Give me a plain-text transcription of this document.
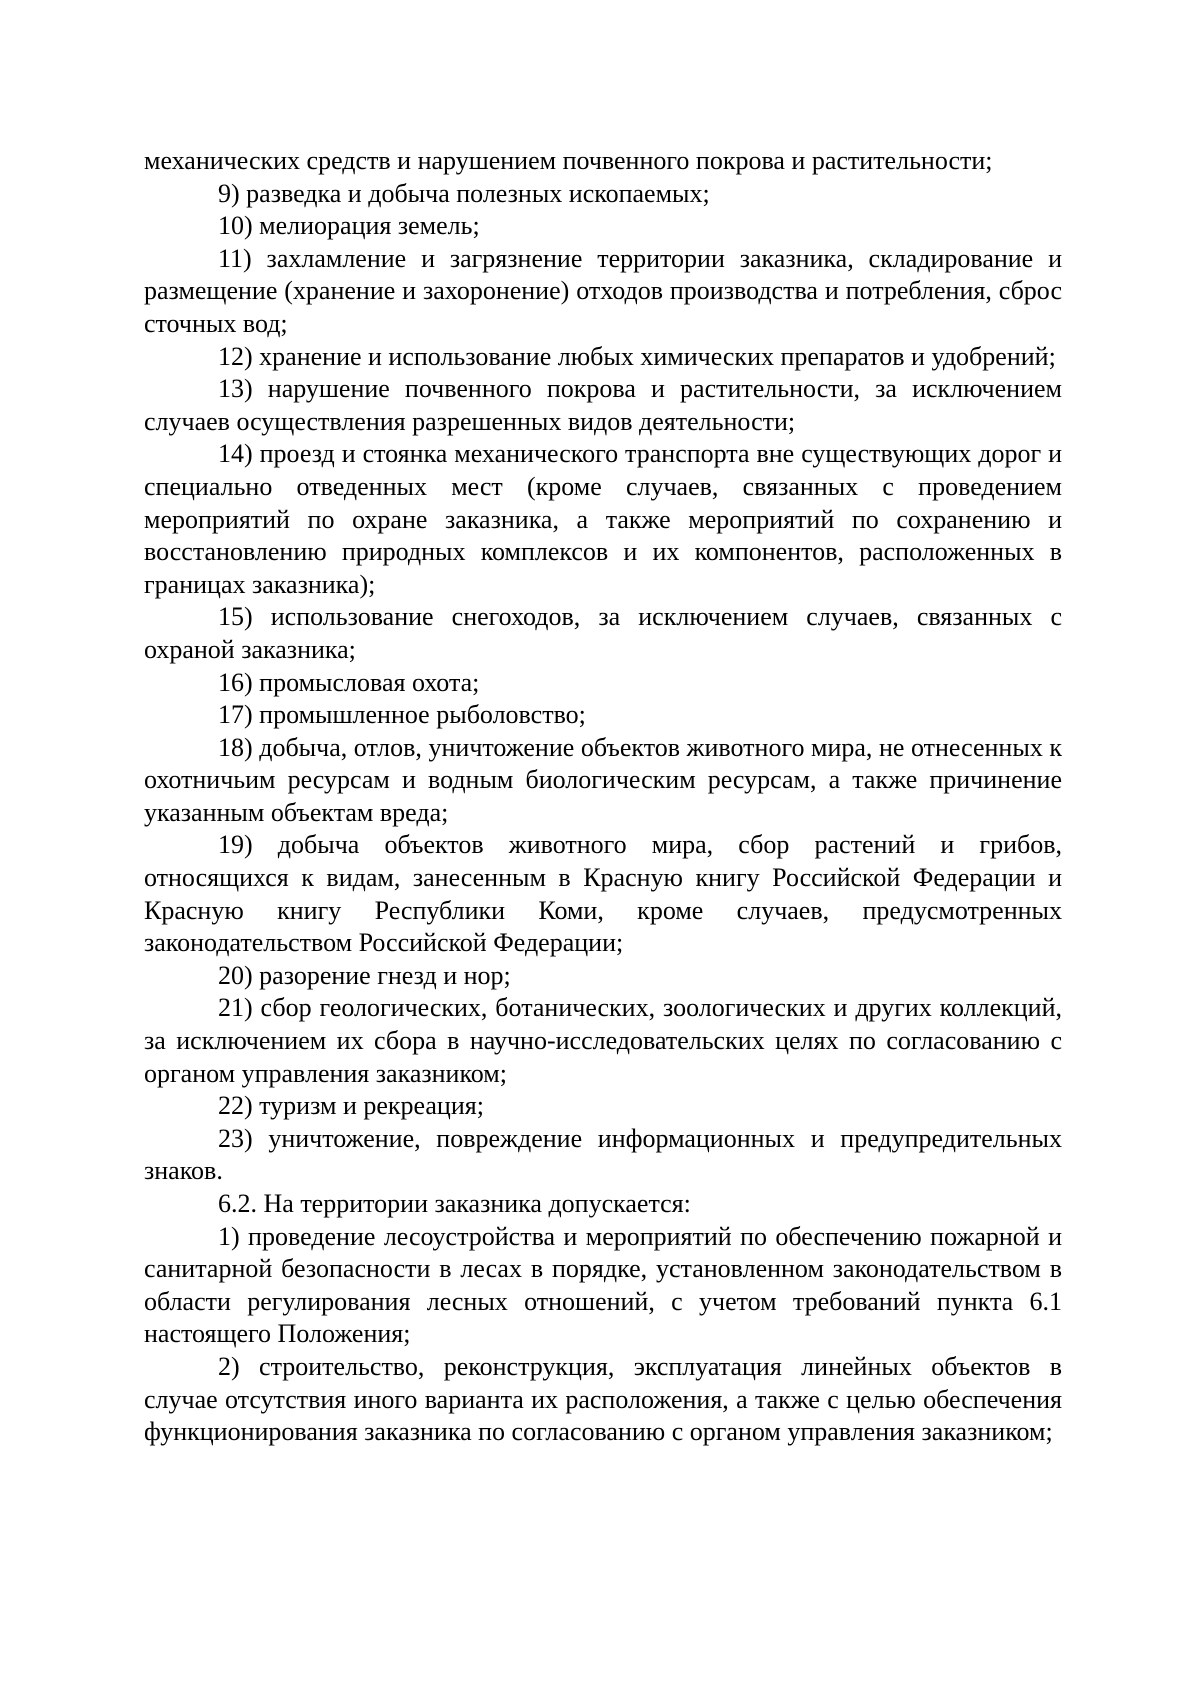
механических средств и нарушением почвенного покрова и растительности;

9) разведка и добыча полезных ископаемых;

10) мелиорация земель;

11) захламление и загрязнение территории заказника, складирование и размещение (хранение и захоронение) отходов производства и потребления, сброс сточных вод;

12) хранение и использование любых химических препаратов и удобрений;

13) нарушение почвенного покрова и растительности, за исключением случаев осуществления разрешенных видов деятельности;

14) проезд и стоянка механического транспорта вне существующих дорог и специально отведенных мест (кроме случаев, связанных с проведением мероприятий по охране заказника, а также мероприятий по сохранению и восстановлению природных комплексов и их компонентов, расположенных в границах заказника);

15) использование снегоходов, за исключением случаев, связанных с охраной заказника;

16) промысловая охота;

17) промышленное рыболовство;

18) добыча, отлов, уничтожение объектов животного мира, не отнесенных к охотничьим ресурсам и водным биологическим ресурсам, а также причинение указанным объектам вреда;

19) добыча объектов животного мира, сбор растений и грибов, относящихся к видам, занесенным в Красную книгу Российской Федерации и Красную книгу Республики Коми, кроме случаев, предусмотренных законодательством Российской Федерации;

20) разорение гнезд и нор;

21) сбор геологических, ботанических, зоологических и других коллекций, за исключением их сбора в научно-исследовательских целях по согласованию с органом управления заказником;

22) туризм и рекреация;

23) уничтожение, повреждение информационных и предупредительных знаков.

6.2. На территории заказника допускается:

1) проведение лесоустройства и мероприятий по обеспечению пожарной и санитарной безопасности в лесах в порядке, установленном законодательством в области регулирования лесных отношений, с учетом требований пункта 6.1 настоящего Положения;

2) строительство, реконструкция, эксплуатация линейных объектов в случае отсутствия иного варианта их расположения, а также с целью обеспечения функционирования заказника по согласованию с органом управления заказником;
